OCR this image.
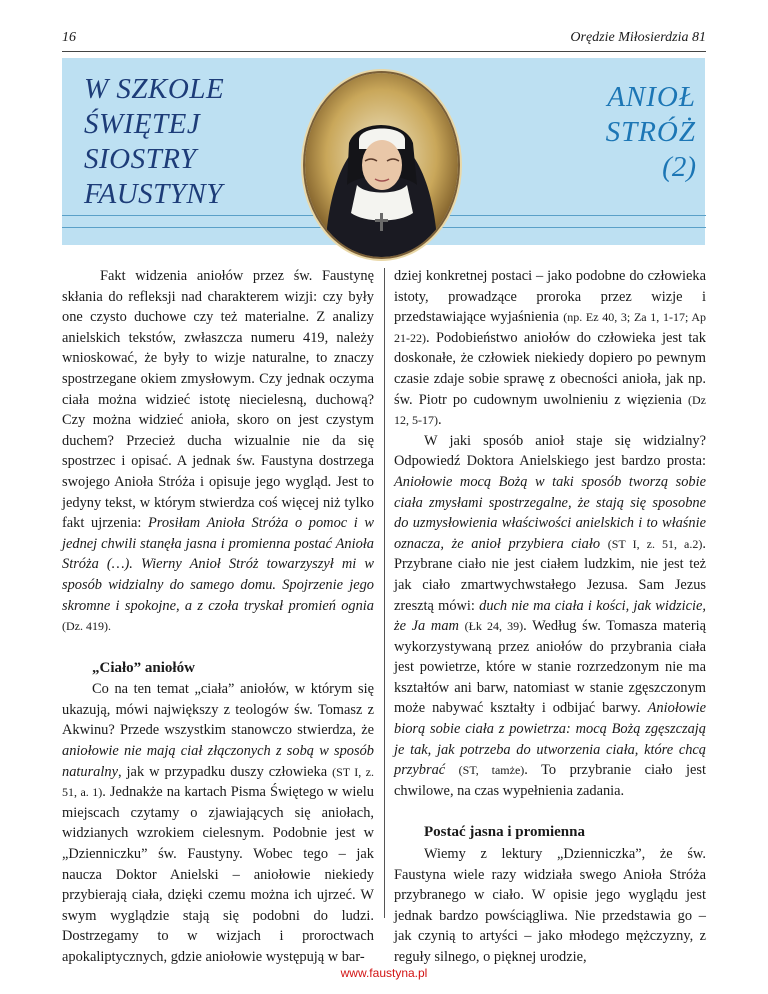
16	Orędzie Miłosierdzia 81
W SZKOLE
ŚWIĘTEJ
SIOSTRY
FAUSTYNY
ANIOŁ
STRÓŻ
(2)

Fakt widzenia aniołów przez św. Faustynę skłania do refleksji nad charakterem wizji: czy były one czysto duchowe czy też materialne. Z analizy anielskich tekstów, zwłaszcza numeru 419, należy wnioskować, że były to wizje naturalne, to znaczy spostrzegane okiem zmysłowym. Czy jednak oczyma ciała można widzieć istotę niecielesną, duchową? Czy można widzieć anioła, skoro on jest czystym duchem? Przecież ducha wizualnie nie da się spostrzec i opisać. A jednak św. Faustyna dostrzega swojego Anioła Stróża i opisuje jego wygląd. Jest to jedyny tekst, w którym stwierdza coś więcej niż tylko fakt ujrzenia: Prosiłam Anioła Stróża o pomoc i w jednej chwili stanęła jasna i promienna postać Anioła Stróża (…). Wierny Anioł Stróż towarzyszył mi w sposób widzialny do samego domu. Spojrzenie jego skromne i spokojne, a z czoła tryskał promień ognia (Dz. 419).

„Ciało” aniołów

Co na ten temat „ciała” aniołów, w którym się ukazują, mówi największy z teologów św. Tomasz z Akwinu? Przede wszystkim stanowczo stwierdza, że aniołowie nie mają ciał złączonych z sobą w sposób naturalny, jak w przypadku duszy człowieka (ST I, z. 51, a. 1). Jednakże na kartach Pisma Świętego w wielu miejscach czytamy o zjawiających się aniołach, widzianych wzrokiem cielesnym. Podobnie jest w „Dzienniczku” św. Faustyny. Wobec tego – jak naucza Doktor Anielski – aniołowie niekiedy przybierają ciała, dzięki czemu można ich ujrzeć. W swym wyglądzie stają się podobni do ludzi. Dostrzegamy to w wizjach i proroctwach apokaliptycznych, gdzie aniołowie występują w bar-

dziej konkretnej postaci – jako podobne do człowieka istoty, prowadzące proroka przez wizje i przedstawiające wyjaśnienia (np. Ez 40, 3; Za 1, 1-17; Ap 21-22). Podobieństwo aniołów do człowieka jest tak doskonałe, że człowiek niekiedy dopiero po pewnym czasie zdaje sobie sprawę z obecności anioła, jak np. św. Piotr po cudownym uwolnieniu z więzienia (Dz 12, 5-17).

W jaki sposób anioł staje się widzialny? Odpowiedź Doktora Anielskiego jest bardzo prosta: Aniołowie mocą Bożą w taki sposób tworzą sobie ciała zmysłami spostrzegalne, że stają się sposobne do uzmysłowienia właściwości anielskich i to właśnie oznacza, że anioł przybiera ciało (ST I, z. 51, a.2). Przybrane ciało nie jest ciałem ludzkim, nie jest też jak ciało zmartwychwstałego Jezusa. Sam Jezus zresztą mówi: duch nie ma ciała i kości, jak widzicie, że Ja mam (Łk 24, 39). Według św. Tomasza materią wykorzystywaną przez aniołów do przybrania ciała jest powietrze, które w stanie rozrzedzonym nie ma kształtów ani barw, natomiast w stanie zgęszczonym może nabywać kształty i odbijać barwy. Aniołowie biorą sobie ciała z powietrza: mocą Bożą zgęszczają je tak, jak potrzeba do utworzenia ciała, które chcą przybrać (ST, tamże). To przybranie ciało jest chwilowe, na czas wypełnienia zadania.

Postać jasna i promienna

Wiemy z lektury „Dzienniczka”, że św. Faustyna wiele razy widziała swego Anioła Stróża przybranego w ciało. W opisie jego wyglądu jest jednak bardzo powściągliwa. Nie przedstawia go – jak czynią to artyści – jako młodego mężczyzny, z reguły silnego, o pięknej urodzie,

www.faustyna.pl
